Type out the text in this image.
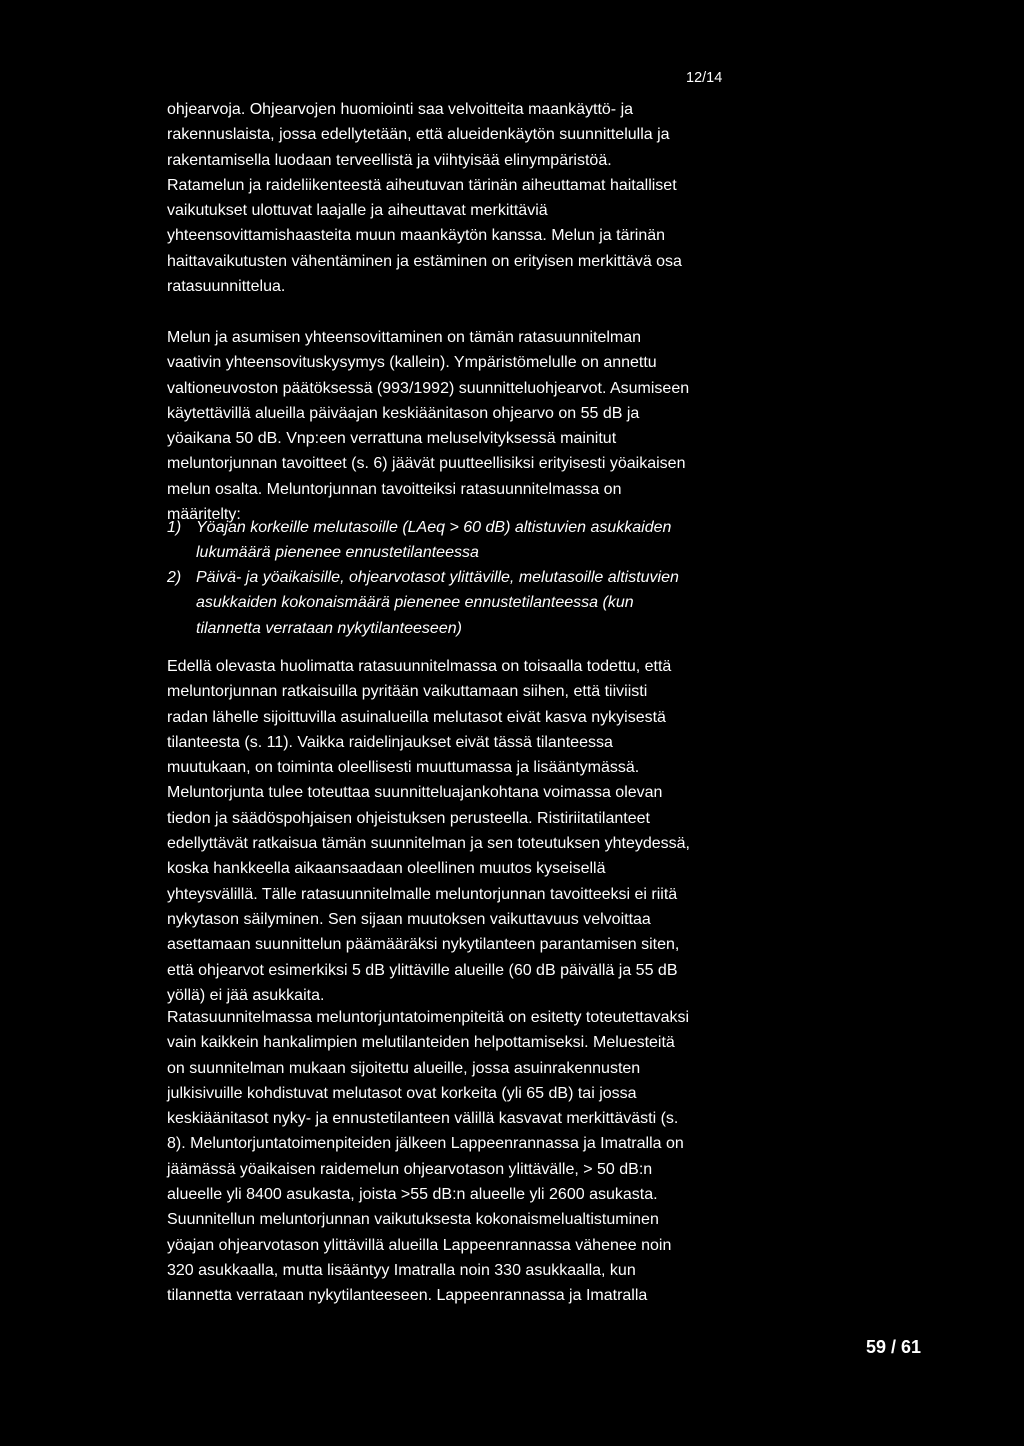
12/14
ohjearvoja. Ohjearvojen huomiointi saa velvoitteita maankäyttö- ja
rakennuslaista, jossa edellytetään, että alueidenkäytön suunnittelulla ja
rakentamisella luodaan terveellistä ja viihtyisää elinympäristöä.
Ratamelun ja raideliikenteestä aiheutuvan tärinän aiheuttamat haitalliset
vaikutukset ulottuvat laajalle ja aiheuttavat merkittäviä
yhteensovittamishaasteita muun maankäytön kanssa. Melun ja tärinän
haittavaikutusten vähentäminen ja estäminen on erityisen merkittävä osa
ratasuunnittelua.
Melun ja asumisen yhteensovittaminen on tämän ratasuunnitelman
vaativin yhteensovituskysymys (kallein). Ympäristömelulle on annettu
valtioneuvoston päätöksessä (993/1992) suunnitteluohjearvot. Asumiseen
käytettävillä alueilla päiväajan keskiäänitason ohjearvo on 55 dB ja
yöaikana 50 dB. Vnp:een verrattuna meluselvityksessä mainitut
meluntorjunnan tavoitteet (s. 6) jäävät puutteellisiksi erityisesti yöaikaisen
melun osalta. Meluntorjunnan tavoitteiksi ratasuunnitelmassa on
määritelty:
1) Yöajan korkeille melutasoille (LAeq > 60 dB) altistuvien asukkaiden
lukumäärä pienenee ennustetilanteessa
2) Päivä- ja yöaikaisille, ohjearvotasot ylittäville, melutasoille altistuvien
asukkaiden kokonaismäärä pienenee ennustetilanteessa (kun
tilannetta verrataan nykytilanteeseen)
Edellä olevasta huolimatta ratasuunnitelmassa on toisaalla todettu, että
meluntorjunnan ratkaisuilla pyritään vaikuttamaan siihen, että tiiviisti
radan lähelle sijoittuvilla asuinalueilla melutasot eivät kasva nykyisestä
tilanteesta (s. 11). Vaikka raidelinjaukset eivät tässä tilanteessa
muutukaan, on toiminta oleellisesti muuttumassa ja lisääntymässä.
Meluntorjunta tulee toteuttaa suunnitteluajankohtana voimassa olevan
tiedon ja säädöspohjaisen ohjeistuksen perusteella. Ristiriitatilanteet
edellyttävät ratkaisua tämän suunnitelman ja sen toteutuksen yhteydessä,
koska hankkeella aikaansaadaan oleellinen muutos kyseisellä
yhteysvälillä. Tälle ratasuunnitelmalle meluntorjunnan tavoitteeksi ei riitä
nykytason säilyminen. Sen sijaan muutoksen vaikuttavuus velvoittaa
asettamaan suunnittelun päämääräksi nykytilanteen parantamisen siten,
että ohjearvot esimerkiksi 5 dB ylittäville alueille (60 dB päivällä ja 55 dB
yöllä) ei jää asukkaita.
Ratasuunnitelmassa meluntorjuntatoimenpiteitä on esitetty toteutettavaksi
vain kaikkein hankalimpien melutilanteiden helpottamiseksi. Meluesteitä
on suunnitelman mukaan sijoitettu alueille, jossa asuinrakennusten
julkisivuille kohdistuvat melutasot ovat korkeita (yli 65 dB) tai jossa
keskiäänitasot nyky- ja ennustetilanteen välillä kasvavat merkittävästi (s.
8). Meluntorjuntatoimenpiteiden jälkeen Lappeenrannassa ja Imatralla on
jäämässä yöaikaisen raidemelun ohjearvotason ylittävälle, > 50 dB:n
alueelle yli 8400 asukasta, joista >55 dB:n alueelle yli 2600 asukasta.
Suunnitellun meluntorjunnan vaikutuksesta kokonaismelualtistuminen
yöajan ohjearvotason ylittävillä alueilla Lappeenrannassa vähenee noin
320 asukkaalla, mutta lisääntyy Imatralla noin 330 asukkaalla, kun
tilannetta verrataan nykytilanteeseen. Lappeenrannassa ja Imatralla
59 / 61
